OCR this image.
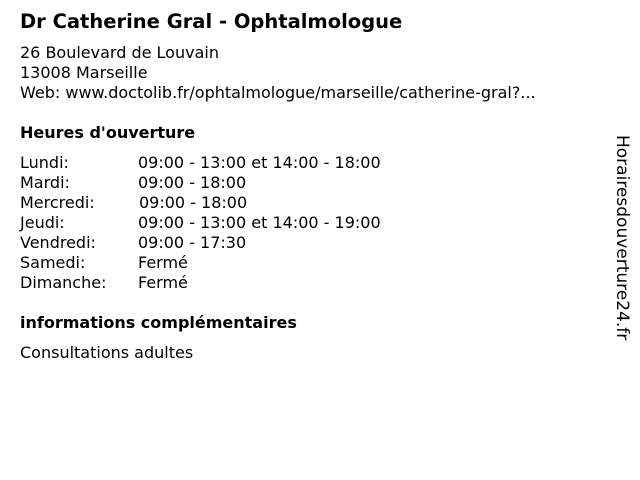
Dr Catherine Gral - Ophtalmologue
26 Boulevard de Louvain
13008 Marseille
Web: www.doctolib.fr/ophtalmologue/marseille/catherine-gral?...
Heures d'ouverture
Lundi:	09:00 - 13:00 et 14:00 - 18:00
Mardi:	09:00 - 18:00
Mercredi:	09:00 - 18:00
Jeudi:	09:00 - 13:00 et 14:00 - 19:00
Vendredi:	09:00 - 17:30
Samedi:	Fermé
Dimanche: Fermé
informations complémentaires
Consultations adultes
Horairesdouverture24.fr
